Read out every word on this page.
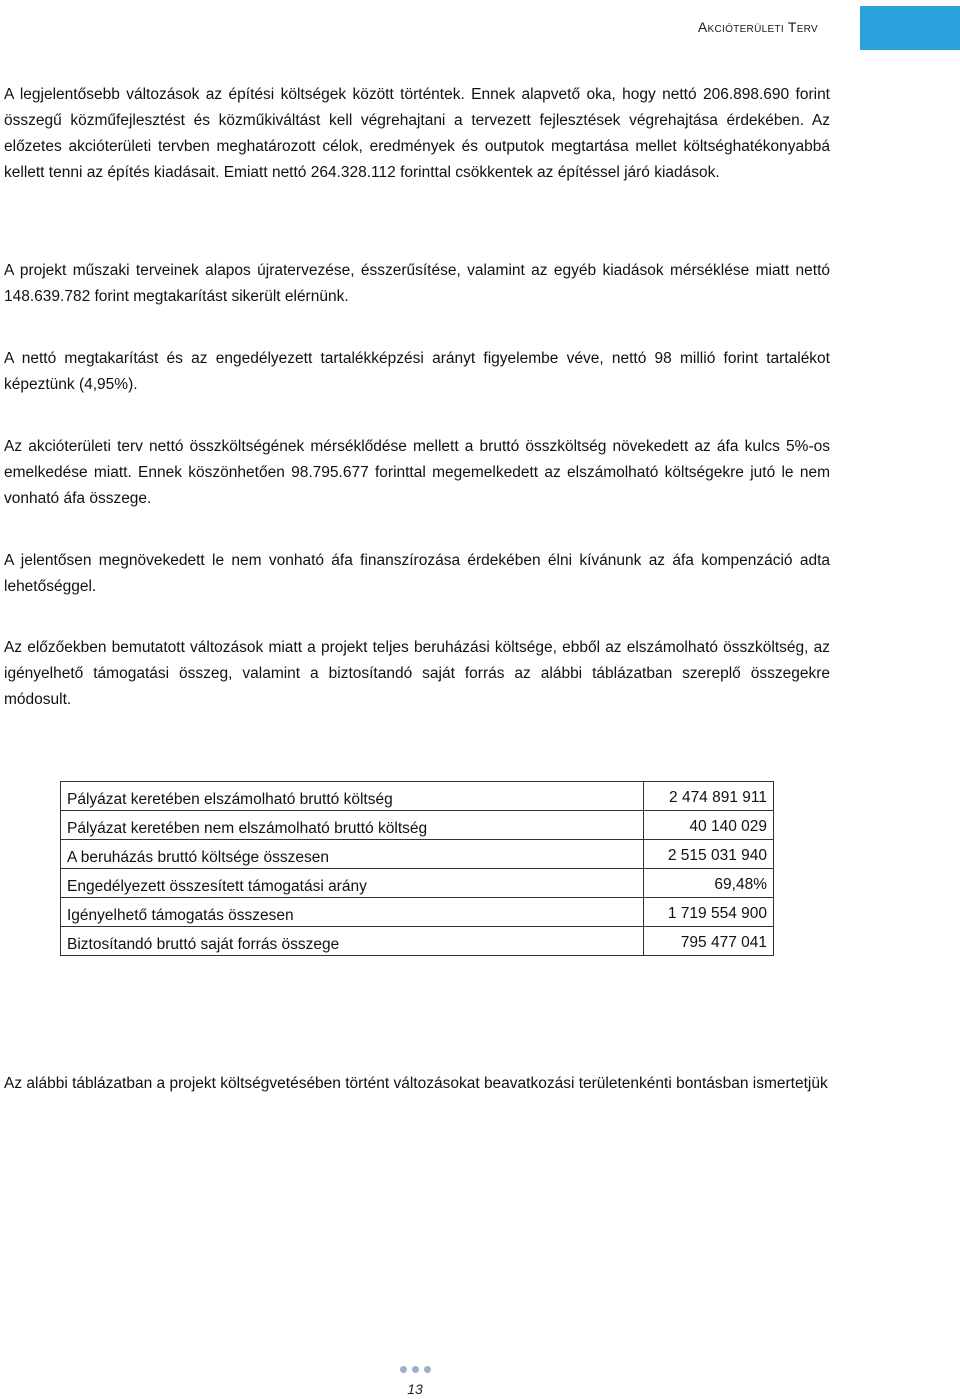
Akcióterületi Terv

A legjelentősebb változások az építési költségek között történtek. Ennek alapvető oka, hogy nettó 206.898.690 forint összegű közműfejlesztést és közműkiváltást kell végrehajtani a tervezett fejlesztések végrehajtása érdekében. Az előzetes akcióterületi tervben meghatározott célok, eredmények és outputok megtartása mellet költséghatékonyabbá kellett tenni az építés kiadásait. Emiatt nettó 264.328.112 forinttal csökkentek az építéssel járó kiadások.

A projekt műszaki terveinek alapos újratervezése, ésszerűsítése, valamint az egyéb kiadások mérséklése miatt nettó 148.639.782 forint megtakarítást sikerült elérnünk.

A nettó megtakarítást és az engedélyezett tartalékképzési arányt figyelembe véve, nettó 98 millió forint tartalékot képeztünk (4,95%).

Az akcióterületi terv nettó összköltségének mérséklődése mellett a bruttó összköltség növekedett az áfa kulcs 5%-os emelkedése miatt. Ennek köszönhetően 98.795.677 forinttal megemelkedett az elszámolható költségekre jutó le nem vonható áfa összege.

A jelentősen megnövekedett le nem vonható áfa finanszírozása érdekében élni kívánunk az áfa kompenzáció adta lehetőséggel.

Az előzőekben bemutatott változások miatt a projekt teljes beruházási költsége, ebből az elszámolható összköltség, az igényelhető támogatási összeg, valamint a biztosítandó saját forrás az alábbi táblázatban szereplő összegekre módosult.

Pályázat keretében elszámolható bruttó költség	2 474 891 911
Pályázat keretében nem elszámolható bruttó költség	40 140 029
A beruházás bruttó költsége összesen	2 515 031 940
Engedélyezett összesített támogatási arány	69,48%
Igényelhető támogatás összesen	1 719 554 900
Biztosítandó bruttó saját forrás összege	795 477 041

Az alábbi táblázatban a projekt költségvetésében történt változásokat beavatkozási területenkénti bontásban ismertetjük

13
